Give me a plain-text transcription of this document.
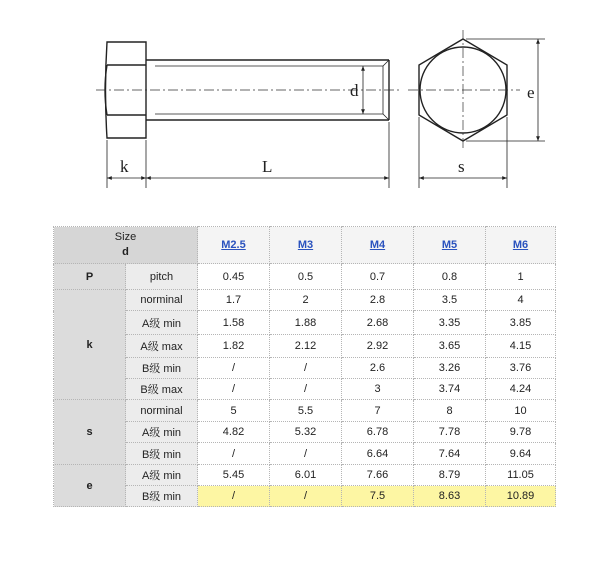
d
k	L
e
s
Size
d		M2.5	M3	M4	M5	M6
P	pitch	0.45	0.5	0.7	0.8	1
k	norminal	1.7	2	2.8	3.5	4
	A级 min	1.58	1.88	2.68	3.35	3.85
	A级 max	1.82	2.12	2.92	3.65	4.15
	B级 min	/	/	2.6	3.26	3.76
	B级 max	/	/	3	3.74	4.24
s	norminal	5	5.5	7	8	10
	A级 min	4.82	5.32	6.78	7.78	9.78
	B级 min	/	/	6.64	7.64	9.64
e	A级 min	5.45	6.01	7.66	8.79	11.05
	B级 min	/	/	7.5	8.63	10.89
